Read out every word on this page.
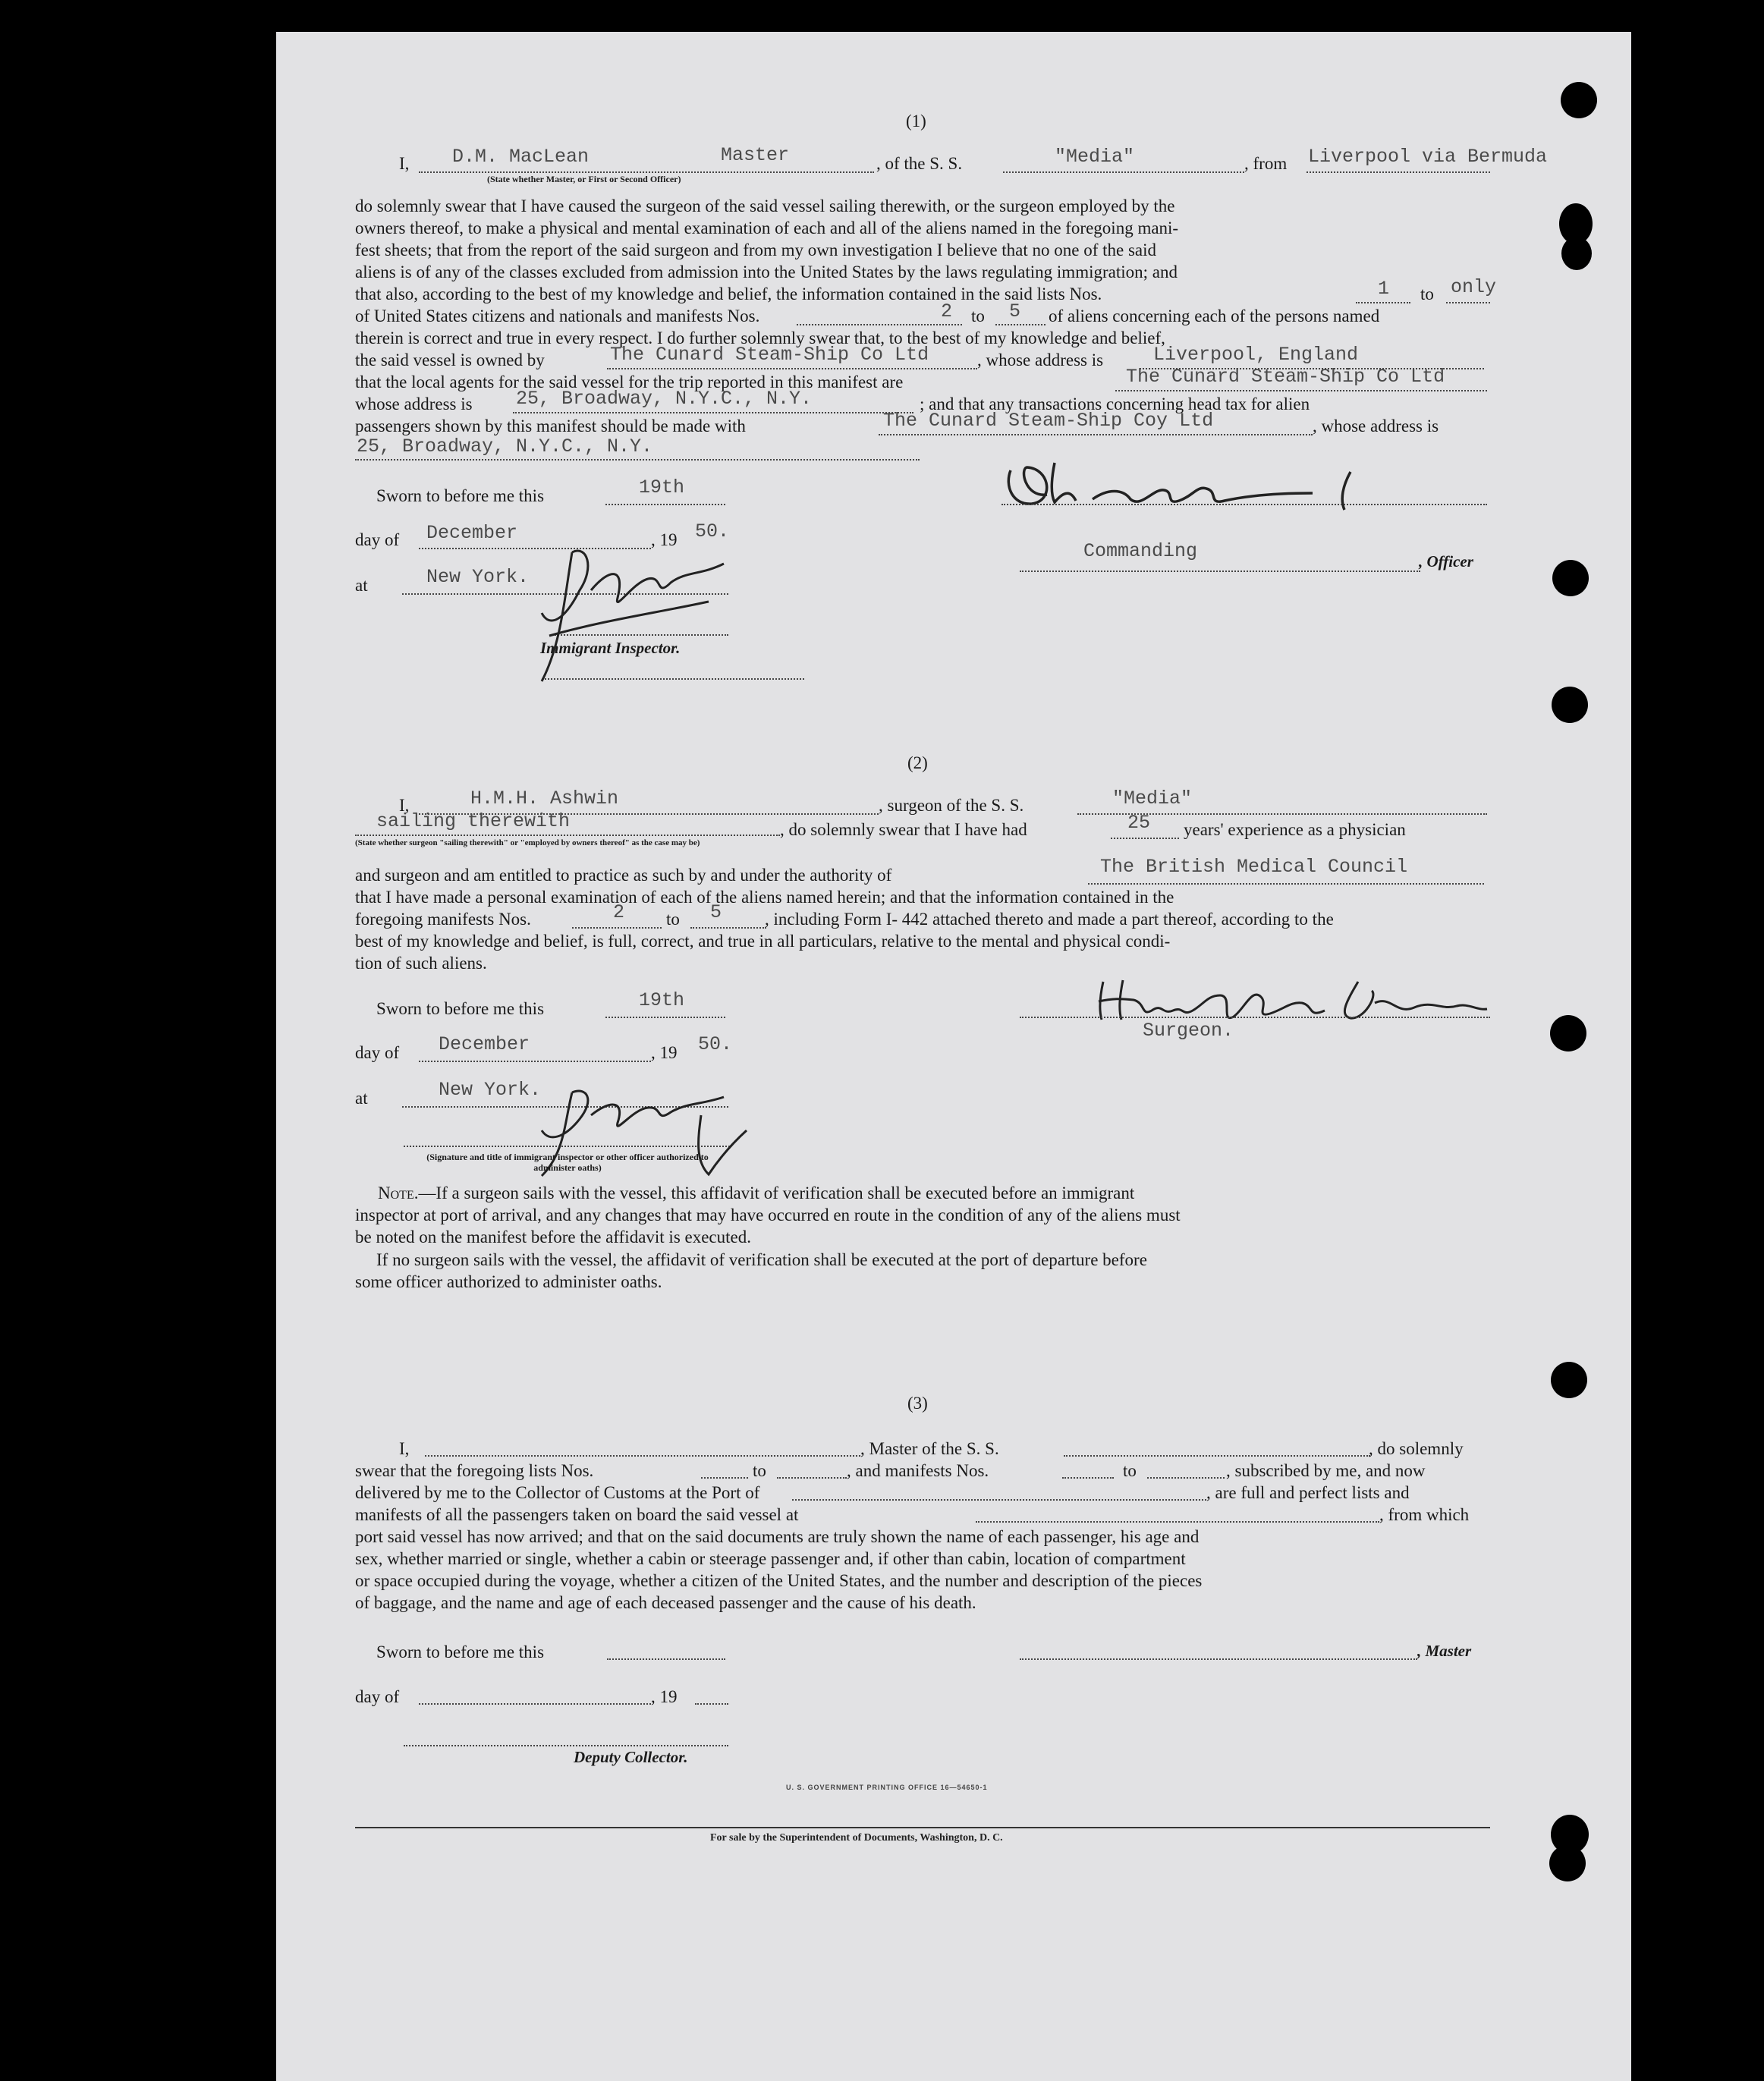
(1)
I, D.M. MacLean	Master
(State whether Master, or First or Second Officer)
, of the S. S.	"Media"	, from Liverpool via Bermuda
do solemnly swear that I have caused the surgeon of the said vessel sailing therewith, or the surgeon employed by the
owners thereof, to make a physical and mental examination of each and all of the aliens named in the foregoing mani-
fest sheets; that from the report of the said surgeon and from my own investigation I believe that no one of the said
aliens is of any of the classes excluded from admission into the United States by the laws regulating immigration; and
that also, according to the best of my knowledge and belief, the information contained in the said lists Nos.	1 to only
of United States citizens and nationals and manifests Nos.	2 to 5 of aliens concerning each of the persons named
therein is correct and true in every respect. I do further solemnly swear that, to the best of my knowledge and belief,
the said vessel is owned by	The Cunard Steam-Ship Co Ltd	, whose address is	Liverpool, England
that the local agents for the said vessel for the trip reported in this manifest are	The Cunard Steam-Ship Co Ltd
whose address is 25, Broadway, N.Y.C., N.Y.	; and that any transactions concerning head tax for alien
passengers shown by this manifest should be made with	The Cunard Steam-Ship Coy Ltd	, whose address is
25, Broadway, N.Y.C., N.Y.
Sworn to before me this	19th
day of December	, 19 50.
at	New York.
Immigrant Inspector.
Commanding	, Officer
(2)
I,	H.M.H. Ashwin	, surgeon of the S. S.	"Media"
sailing therewith
(State whether surgeon "sailing therewith" or "employed by owners thereof" as the case may be)
, do solemnly swear that I have had	25 years' experience as a physician
and surgeon and am entitled to practice as such by and under the authority of	The British Medical Council
that I have made a personal examination of each of the aliens named herein; and that the information contained in the
foregoing manifests Nos.	2 to 5 , including Form I- 442 attached thereto and made a part thereof, according to the
best of my knowledge and belief, is full, correct, and true in all particulars, relative to the mental and physical condi-
tion of such aliens.
Sworn to before me this	19th
day of December	, 19 50.
at	New York.
Surgeon.
(Signature and title of immigrant inspector or other officer authorized to administer oaths)
Note.—If a surgeon sails with the vessel, this affidavit of verification shall be executed before an immigrant
inspector at port of arrival, and any changes that may have occurred en route in the condition of any of the aliens must
be noted on the manifest before the affidavit is executed.
If no surgeon sails with the vessel, the affidavit of verification shall be executed at the port of departure before
some officer authorized to administer oaths.
(3)
I,	, Master of the S. S.	, do solemnly
swear that the foregoing lists Nos.	to	, and manifests Nos.	to	, subscribed by me, and now
delivered by me to the Collector of Customs at the Port of	, are full and perfect lists and
manifests of all the passengers taken on board the said vessel at	, from which
port said vessel has now arrived; and that on the said documents are truly shown the name of each passenger, his age and
sex, whether married or single, whether a cabin or steerage passenger and, if other than cabin, location of compartment
or space occupied during the voyage, whether a citizen of the United States, and the number and description of the pieces
of baggage, and the name and age of each deceased passenger and the cause of his death.
Sworn to before me this	, Master
day of	, 19
Deputy Collector.
U. S. GOVERNMENT PRINTING OFFICE 16—54650-1
For sale by the Superintendent of Documents, Washington, D. C.
